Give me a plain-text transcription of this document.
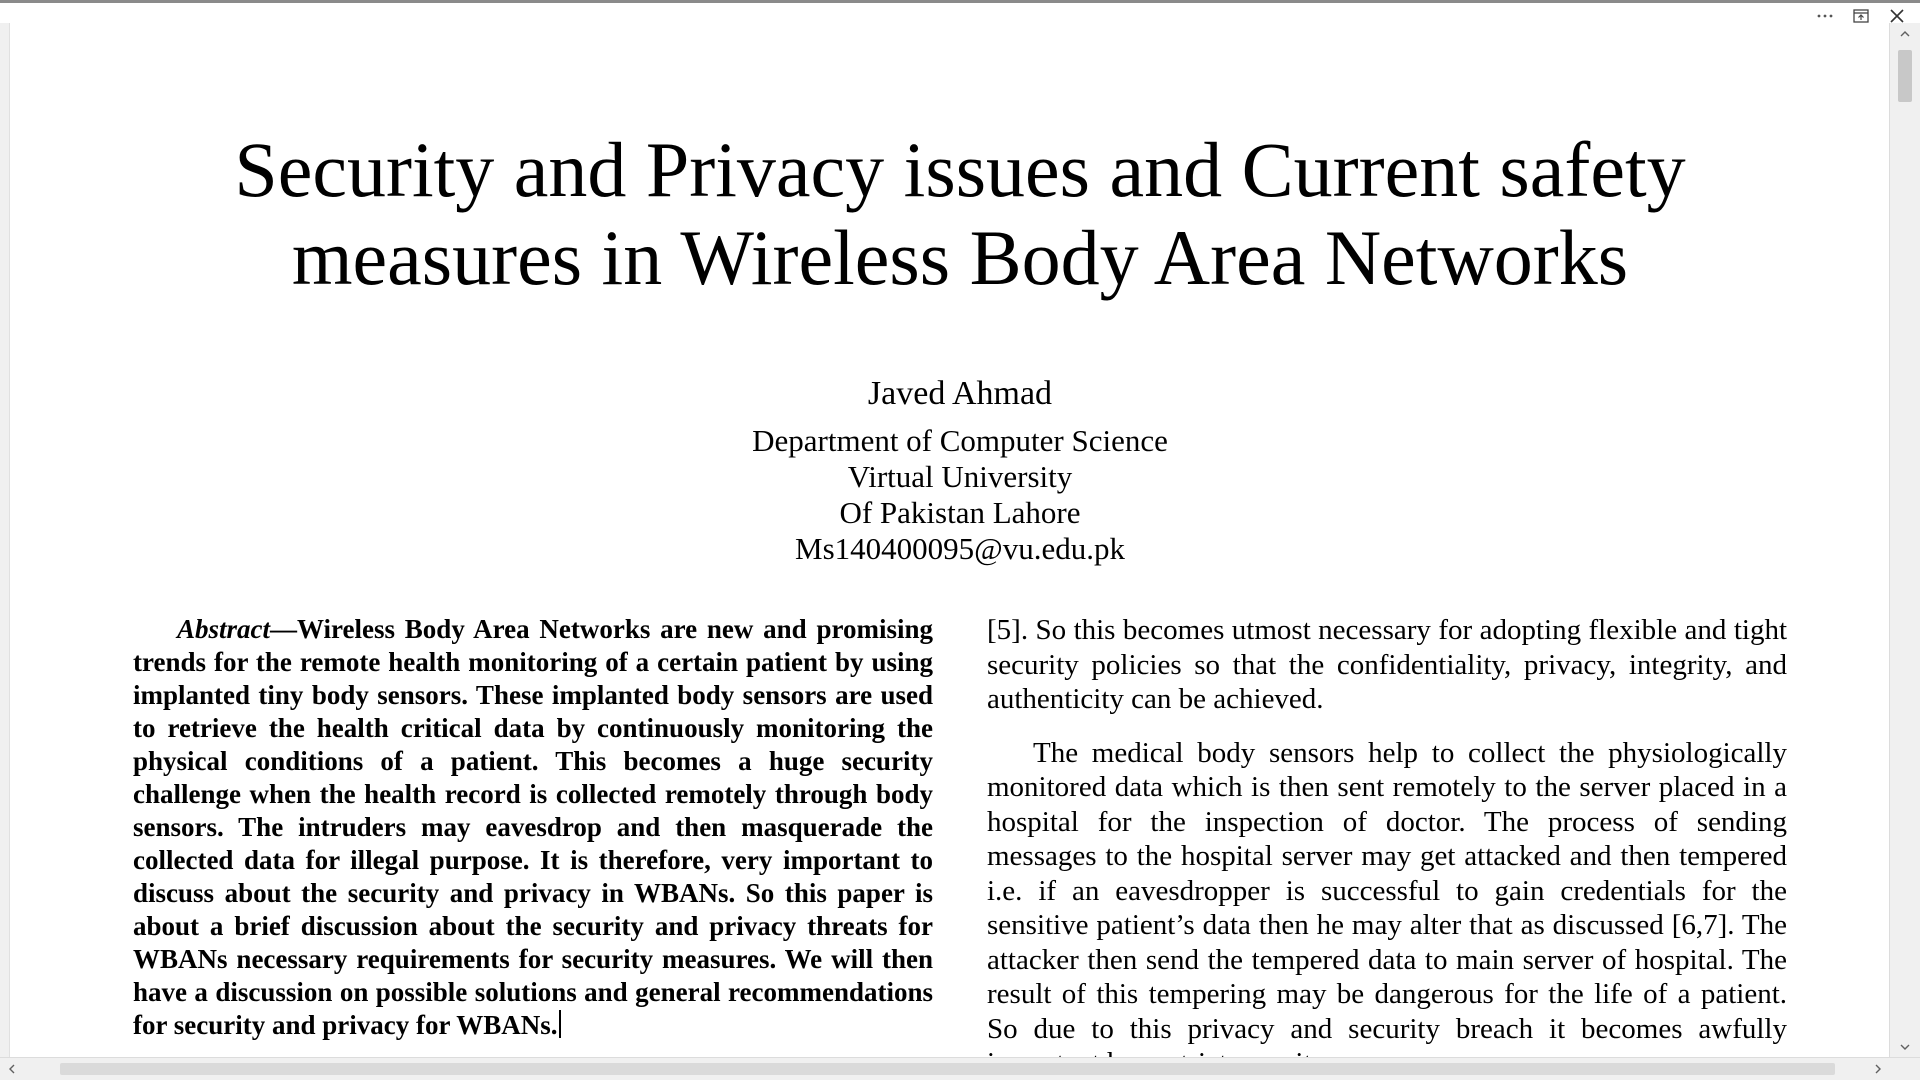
Security and Privacy issues and Current safety
measures in Wireless Body Area Networks
Javed Ahmad
Department of Computer Science
Virtual University
Of Pakistan Lahore
Ms140400095@vu.edu.pk

Abstract—Wireless Body Area Networks are new and promising trends for the remote health monitoring of a certain patient by using implanted tiny body sensors. These implanted body sensors are used to retrieve the health critical data by continuously monitoring the physical conditions of a patient. This becomes a huge security challenge when the health record is collected remotely through body sensors. The intruders may eavesdrop and then masquerade the collected data for illegal purpose. It is therefore, very important to discuss about the security and privacy in WBANs. So this paper is about a brief discussion about the security and privacy threats for WBANs necessary requirements for security measures. We will then have a discussion on possible solutions and general recommendations for security and privacy for WBANs.

[5]. So this becomes utmost necessary for adopting flexible and tight security policies so that the confidentiality, privacy, integrity, and authenticity can be achieved.

The medical body sensors help to collect the physiologically monitored data which is then sent remotely to the server placed in a hospital for the inspection of doctor. The process of sending messages to the hospital server may get attacked and then tempered i.e. if an eavesdropper is successful to gain credentials for the sensitive patient’s data then he may alter that as discussed [6,7]. The attacker then send the tempered data to main server of hospital. The result of this tempering may be dangerous for the life of a patient. So due to this privacy and security breach it becomes awfully
